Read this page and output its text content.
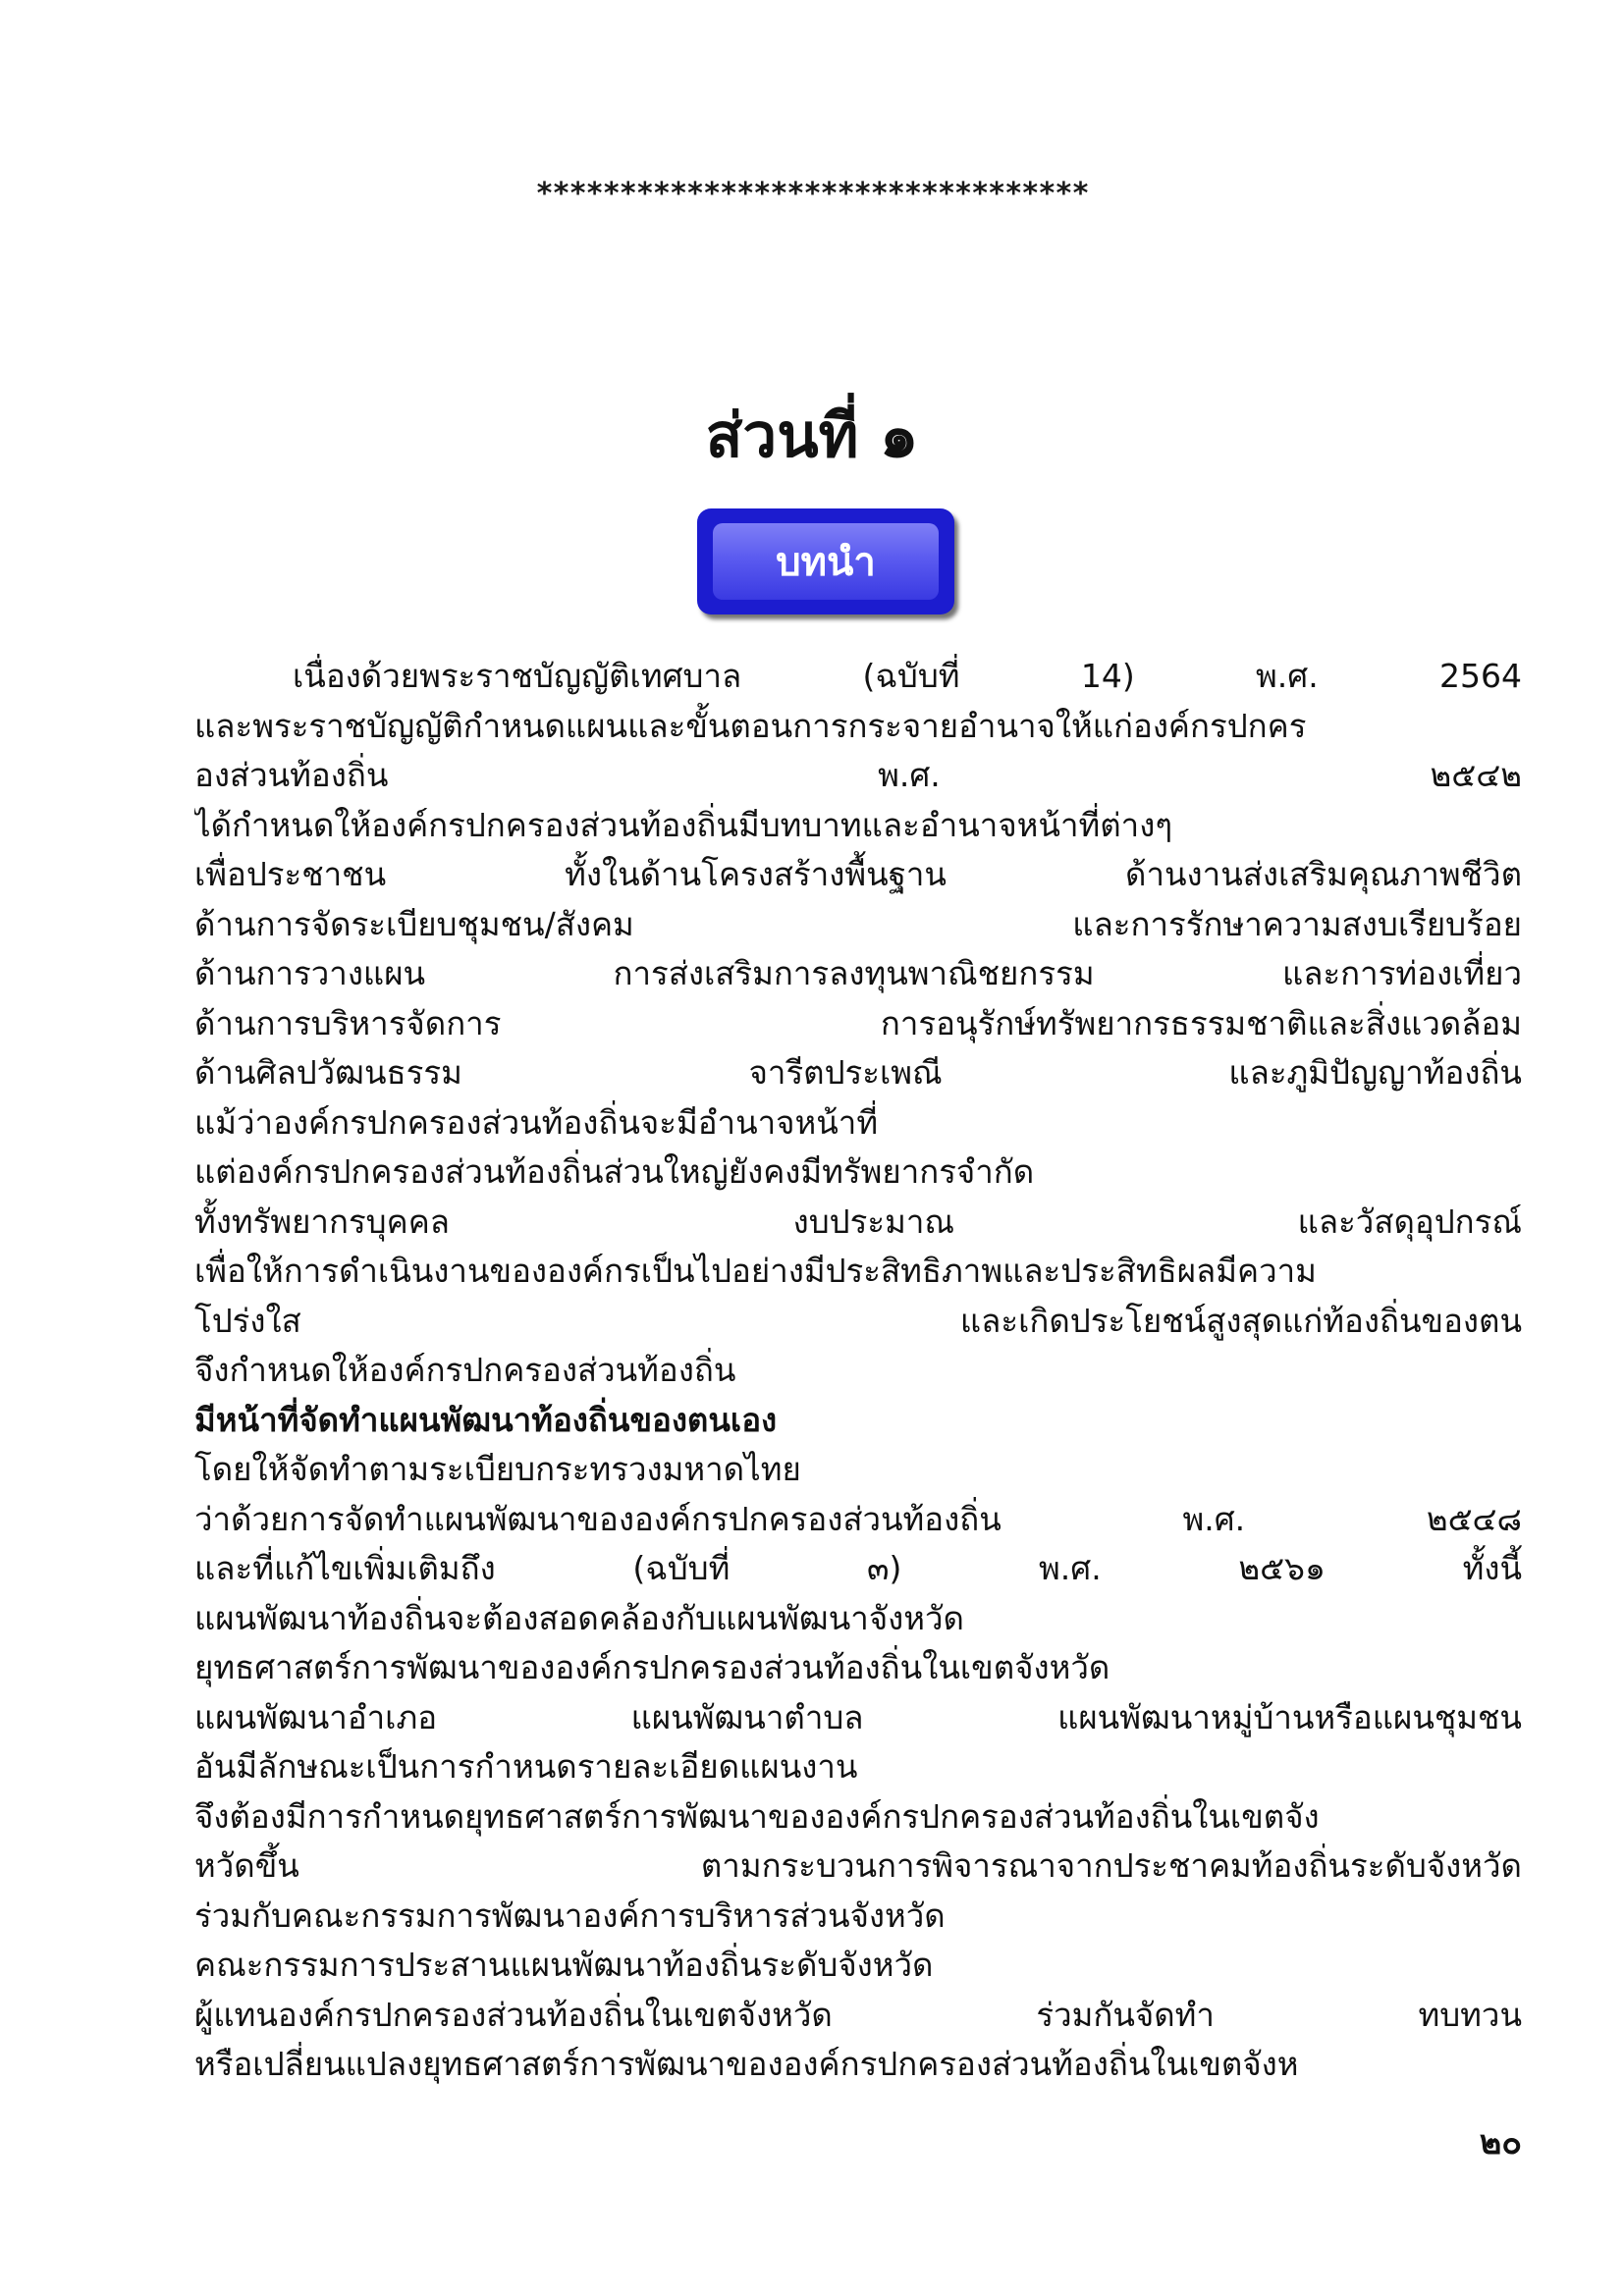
*********************************
ส่วนที่ ๑
บทนำ
เนื่องด้วยพระราชบัญญัติเทศบาล (ฉบับที่ 14) พ.ศ. 2564
และพระราชบัญญัติกำหนดแผนและขั้นตอนการกระจายอำนาจให้แก่องค์กรปกคร
องส่วนท้องถิ่น พ.ศ. ๒๕๔๒
ได้กำหนดให้องค์กรปกครองส่วนท้องถิ่นมีบทบาทและอำนาจหน้าที่ต่างๆ
เพื่อประชาชน ทั้งในด้านโครงสร้างพื้นฐาน ด้านงานส่งเสริมคุณภาพชีวิต
ด้านการจัดระเบียบชุมชน/สังคม และการรักษาความสงบเรียบร้อย
ด้านการวางแผน การส่งเสริมการลงทุนพาณิชยกรรม และการท่องเที่ยว
ด้านการบริหารจัดการ การอนุรักษ์ทรัพยากรธรรมชาติและสิ่งแวดล้อม
ด้านศิลปวัฒนธรรม จารีตประเพณี และภูมิปัญญาท้องถิ่น
แม้ว่าองค์กรปกครองส่วนท้องถิ่นจะมีอำนาจหน้าที่
แต่องค์กรปกครองส่วนท้องถิ่นส่วนใหญ่ยังคงมีทรัพยากรจำกัด
ทั้งทรัพยากรบุคคล งบประมาณ และวัสดุอุปกรณ์
เพื่อให้การดำเนินงานขององค์กรเป็นไปอย่างมีประสิทธิภาพและประสิทธิผลมีความ
โปร่งใส และเกิดประโยชน์สูงสุดแก่ท้องถิ่นของตน
จึงกำหนดให้องค์กรปกครองส่วนท้องถิ่น
มีหน้าที่จัดทำแผนพัฒนาท้องถิ่นของตนเอง
โดยให้จัดทำตามระเบียบกระทรวงมหาดไทย
ว่าด้วยการจัดทำแผนพัฒนาขององค์กรปกครองส่วนท้องถิ่น พ.ศ. ๒๕๔๘
และที่แก้ไขเพิ่มเติมถึง (ฉบับที่ ๓) พ.ศ. ๒๕๖๑ ทั้งนี้
แผนพัฒนาท้องถิ่นจะต้องสอดคล้องกับแผนพัฒนาจังหวัด
ยุทธศาสตร์การพัฒนาขององค์กรปกครองส่วนท้องถิ่นในเขตจังหวัด
แผนพัฒนาอำเภอ แผนพัฒนาตำบล แผนพัฒนาหมู่บ้านหรือแผนชุมชน
อันมีลักษณะเป็นการกำหนดรายละเอียดแผนงาน
จึงต้องมีการกำหนดยุทธศาสตร์การพัฒนาขององค์กรปกครองส่วนท้องถิ่นในเขตจัง
หวัดขึ้น ตามกระบวนการพิจารณาจากประชาคมท้องถิ่นระดับจังหวัด
ร่วมกับคณะกรรมการพัฒนาองค์การบริหารส่วนจังหวัด
คณะกรรมการประสานแผนพัฒนาท้องถิ่นระดับจังหวัด
ผู้แทนองค์กรปกครองส่วนท้องถิ่นในเขตจังหวัด ร่วมกันจัดทำ ทบทวน
หรือเปลี่ยนแปลงยุทธศาสตร์การพัฒนาขององค์กรปกครองส่วนท้องถิ่นในเขตจังห
๒๐
